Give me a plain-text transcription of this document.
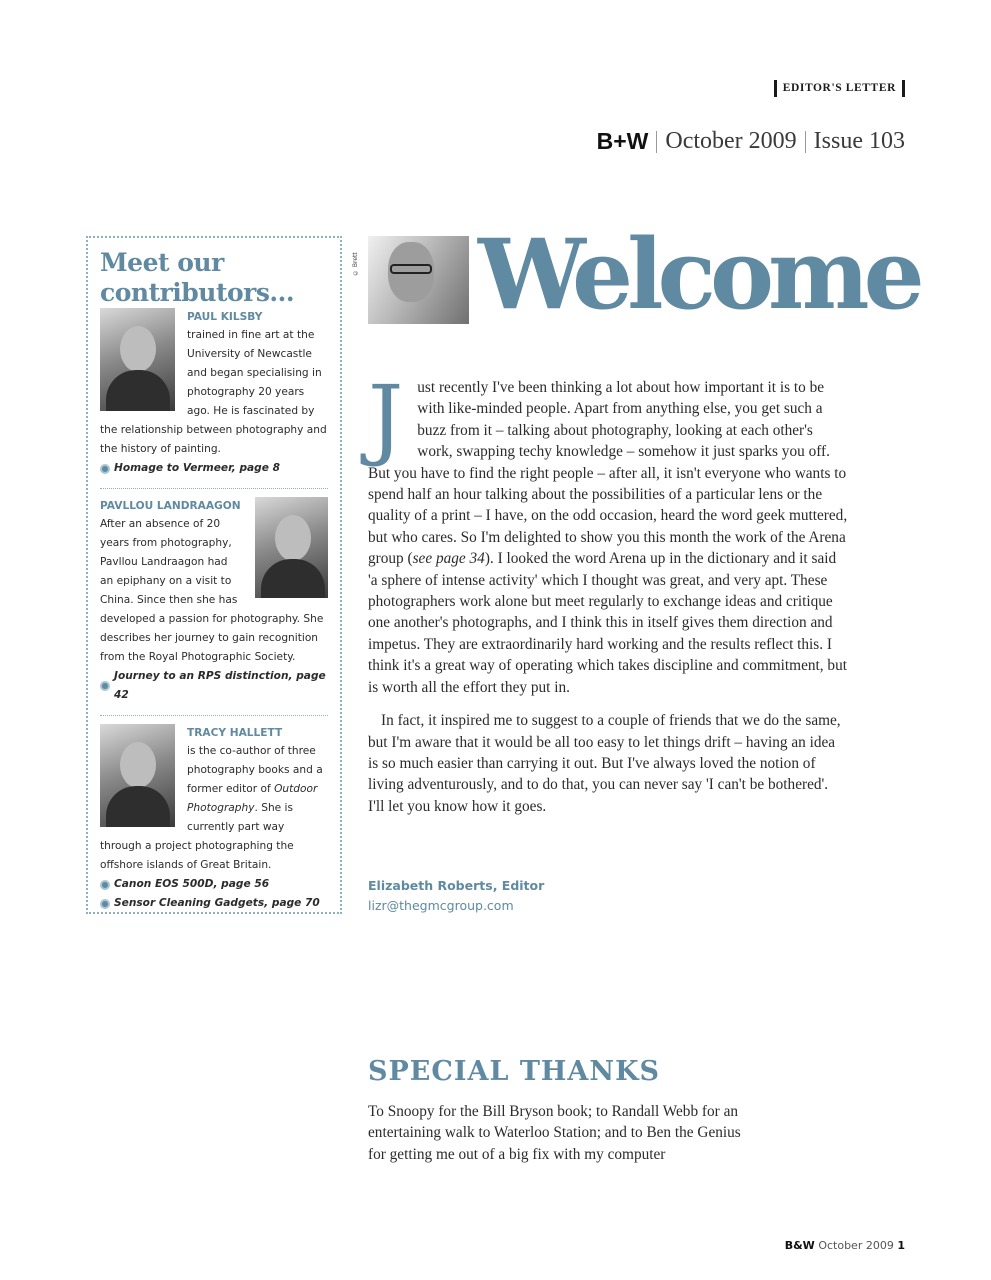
EDITOR'S LETTER
B+W October 2009 Issue 103
Meet our contributors...
PAUL KILSBY
trained in fine art at the University of Newcastle and began specialising in photography 20 years ago. He is fascinated by the relationship between photography and the history of painting.
Homage to Vermeer, page 8
PAVLLOU LANDRAAGON
After an absence of 20 years from photography, Pavllou Landraagon had an epiphany on a visit to China. Since then she has developed a passion for photography. She describes her journey to gain recognition from the Royal Photographic Society.
Journey to an RPS distinction, page 42
TRACY HALLETT
is the co-author of three photography books and a former editor of Outdoor Photography. She is currently part way through a project photographing the offshore islands of Great Britain.
Canon EOS 500D, page 56
Sensor Cleaning Gadgets, page 70
© Brett Welcome

Just recently I've been thinking a lot about how important it is to be with like-minded people. Apart from anything else, you get such a buzz from it – talking about photography, looking at each other's work, swapping techy knowledge – somehow it just sparks you off. But you have to find the right people – after all, it isn't everyone who wants to spend half an hour talking about the possibilities of a particular lens or the quality of a print – I have, on the odd occasion, heard the word geek muttered, but who cares. So I'm delighted to show you this month the work of the Arena group (see page 34). I looked the word Arena up in the dictionary and it said 'a sphere of intense activity' which I thought was great, and very apt. These photographers work alone but meet regularly to exchange ideas and critique one another's photographs, and I think this in itself gives them direction and impetus. They are extraordinarily hard working and the results reflect this. I think it's a great way of operating which takes discipline and commitment, but is worth all the effort they put in.

In fact, it inspired me to suggest to a couple of friends that we do the same, but I'm aware that it would be all too easy to let things drift – having an idea is so much easier than carrying it out. But I've always loved the notion of living adventurously, and to do that, you can never say 'I can't be bothered'. I'll let you know how it goes.

Elizabeth Roberts, Editor
lizr@thegmcgroup.com
SPECIAL THANKS

To Snoopy for the Bill Bryson book; to Randall Webb for an entertaining walk to Waterloo Station; and to Ben the Genius for getting me out of a big fix with my computer

B&W October 2009 1
